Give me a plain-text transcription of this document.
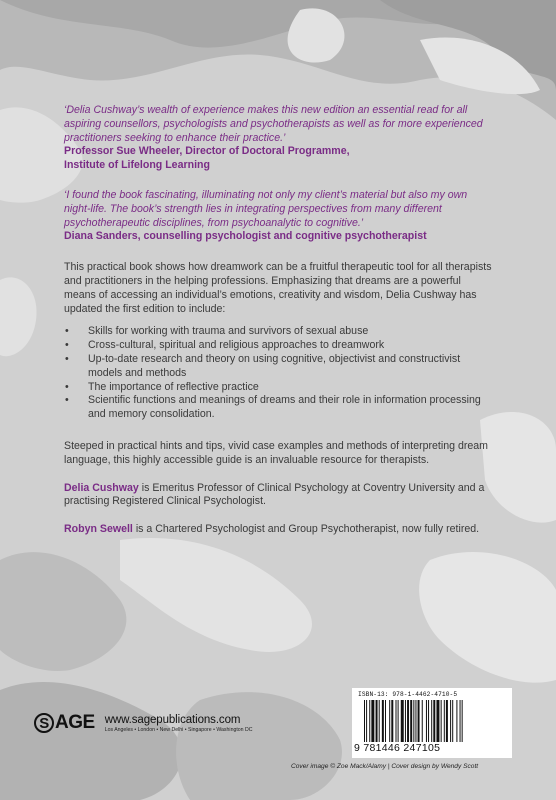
‘Delia Cushway’s wealth of experience makes this new edition an essential read for all aspiring counsellors, psychologists and psychotherapists as well as for more experienced practitioners seeking to enhance their practice.’

Professor Sue Wheeler, Director of Doctoral Programme,

Institute of Lifelong Learning

‘I found the book fascinating, illuminating not only my client’s material but also my own night-life. The book’s strength lies in integrating perspectives from many different psychotherapeutic disciplines, from psychoanalytic to cognitive.’

Diana Sanders, counselling psychologist and cognitive psychotherapist

This practical book shows how dreamwork can be a fruitful therapeutic tool for all therapists and practitioners in the helping professions. Emphasizing that dreams are a powerful means of accessing an individual’s emotions, creativity and wisdom, Delia Cushway has updated the first edition to include:

• Skills for working with trauma and survivors of sexual abuse
• Cross-cultural, spiritual and religious approaches to dreamwork
• Up-to-date research and theory on using cognitive, objectivist and constructivist models and methods
• The importance of reflective practice
• Scientific functions and meanings of dreams and their role in information processing and memory consolidation.

Steeped in practical hints and tips, vivid case examples and methods of interpreting dream language, this highly accessible guide is an invaluable resource for therapists.

Delia Cushway is Emeritus Professor of Clinical Psychology at Coventry University and a practising Registered Clinical Psychologist.

Robyn Sewell is a Chartered Psychologist and Group Psychotherapist, now fully retired.

S AGE www.sagepublications.com
Los Angeles • London • New Delhi • Singapore • Washington DC
ISBN-13: 978-1-4462-4710-5
9 781446 247105
Cover image © Zoe Mack/Alamy | Cover design by Wendy Scott
